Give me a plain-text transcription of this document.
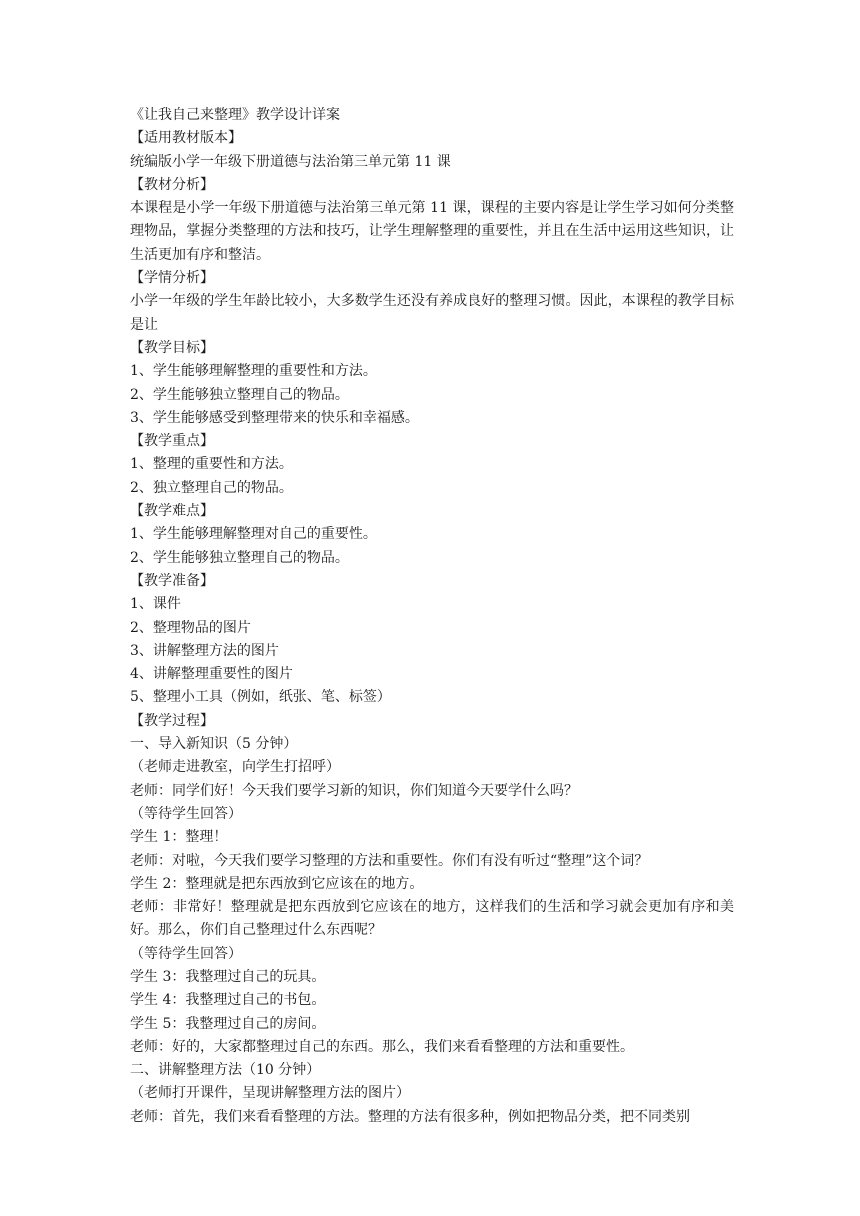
《让我自己来整理》教学设计详案
【适用教材版本】
统编版小学一年级下册道德与法治第三单元第 11 课
【教材分析】
本课程是小学一年级下册道德与法治第三单元第 11 课，课程的主要内容是让学生学习如何分类整理物品，掌握分类整理的方法和技巧，让学生理解整理的重要性，并且在生活中运用这些知识，让生活更加有序和整洁。
【学情分析】
小学一年级的学生年龄比较小，大多数学生还没有养成良好的整理习惯。因此，本课程的教学目标是让
【教学目标】
1、学生能够理解整理的重要性和方法。
2、学生能够独立整理自己的物品。
3、学生能够感受到整理带来的快乐和幸福感。
【教学重点】
1、整理的重要性和方法。
2、独立整理自己的物品。
【教学难点】
1、学生能够理解整理对自己的重要性。
2、学生能够独立整理自己的物品。
【教学准备】
1、课件
2、整理物品的图片
3、讲解整理方法的图片
4、讲解整理重要性的图片
5、整理小工具（例如，纸张、笔、标签）
【教学过程】
一、导入新知识（5 分钟）
（老师走进教室，向学生打招呼）
老师：同学们好！今天我们要学习新的知识，你们知道今天要学什么吗？
（等待学生回答）
学生 1：整理！
老师：对啦，今天我们要学习整理的方法和重要性。你们有没有听过“整理”这个词？
学生 2：整理就是把东西放到它应该在的地方。
老师：非常好！整理就是把东西放到它应该在的地方，这样我们的生活和学习就会更加有序和美好。那么，你们自己整理过什么东西呢？
（等待学生回答）
学生 3：我整理过自己的玩具。
学生 4：我整理过自己的书包。
学生 5：我整理过自己的房间。
老师：好的，大家都整理过自己的东西。那么，我们来看看整理的方法和重要性。
二、讲解整理方法（10 分钟）
（老师打开课件，呈现讲解整理方法的图片）
老师：首先，我们来看看整理的方法。整理的方法有很多种，例如把物品分类，把不同类别
